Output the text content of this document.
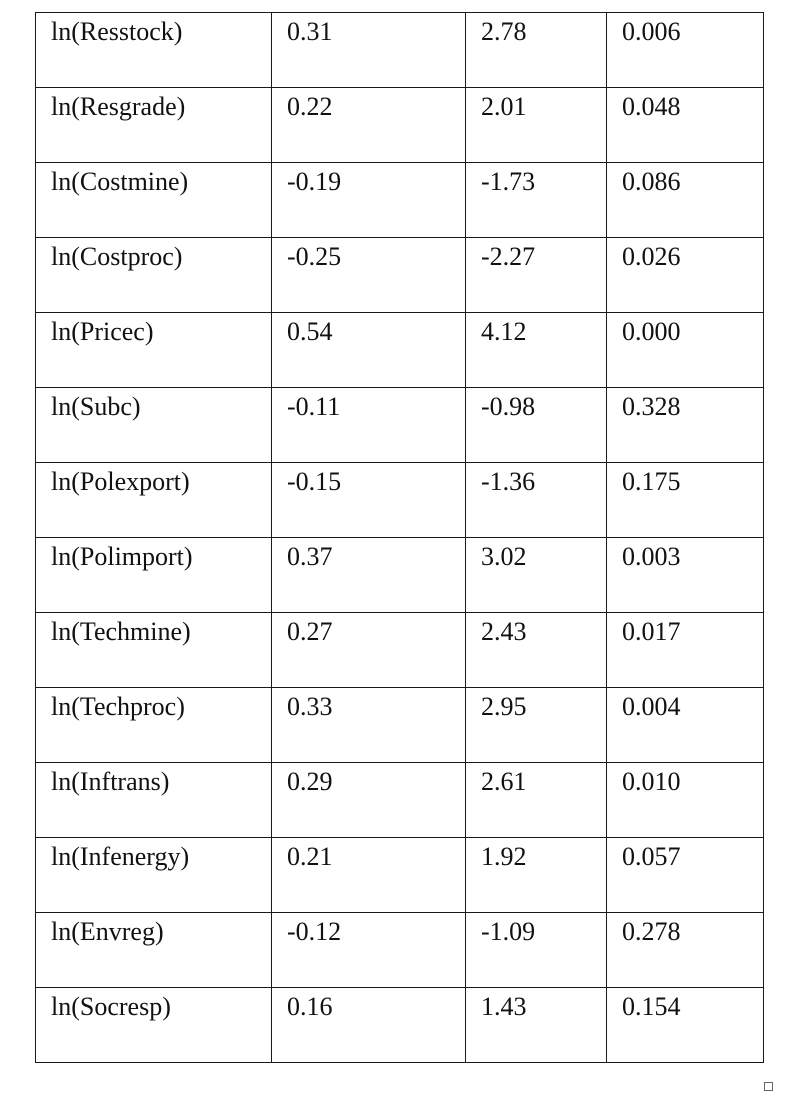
ln(Resstock)	0.31	2.78	0.006
ln(Resgrade)	0.22	2.01	0.048
ln(Costmine)	-0.19	-1.73	0.086
ln(Costproc)	-0.25	-2.27	0.026
ln(Pricec)	0.54	4.12	0.000
ln(Subc)	-0.11	-0.98	0.328
ln(Polexport)	-0.15	-1.36	0.175
ln(Polimport)	0.37	3.02	0.003
ln(Techmine)	0.27	2.43	0.017
ln(Techproc)	0.33	2.95	0.004
ln(Inftrans)	0.29	2.61	0.010
ln(Infenergy)	0.21	1.92	0.057
ln(Envreg)	-0.12	-1.09	0.278
ln(Socresp)	0.16	1.43	0.154
